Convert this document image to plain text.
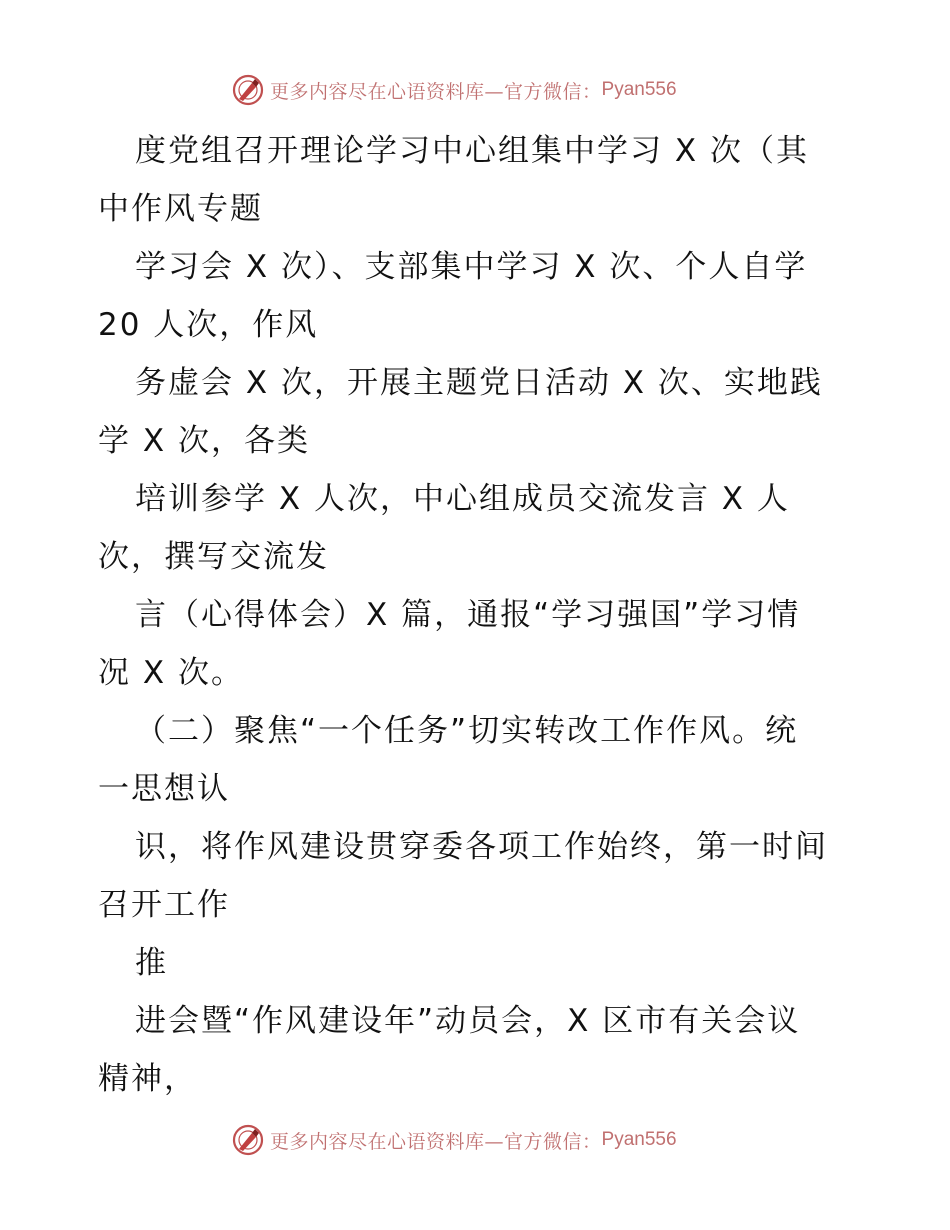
更多内容尽在心语资料库—官方微信： Pyan556
度党组召开理论学习中心组集中学习 X 次（其
中作风专题
学习会 X 次）、支部集中学习 X 次、个人自学
20 人次，作风
务虚会 X 次，开展主题党日活动 X 次、实地践
学 X 次，各类
培训参学 X 人次，中心组成员交流发言 X 人
次，撰写交流发
言（心得体会）X 篇，通报“学习强国”学习情
况 X 次。
（二）聚焦“一个任务”切实转改工作作风。统
一思想认
识，将作风建设贯穿委各项工作始终，第一时间
召开工作
推
进会暨“作风建设年”动员会，X 区市有关会议
精神，
更多内容尽在心语资料库—官方微信： Pyan556
